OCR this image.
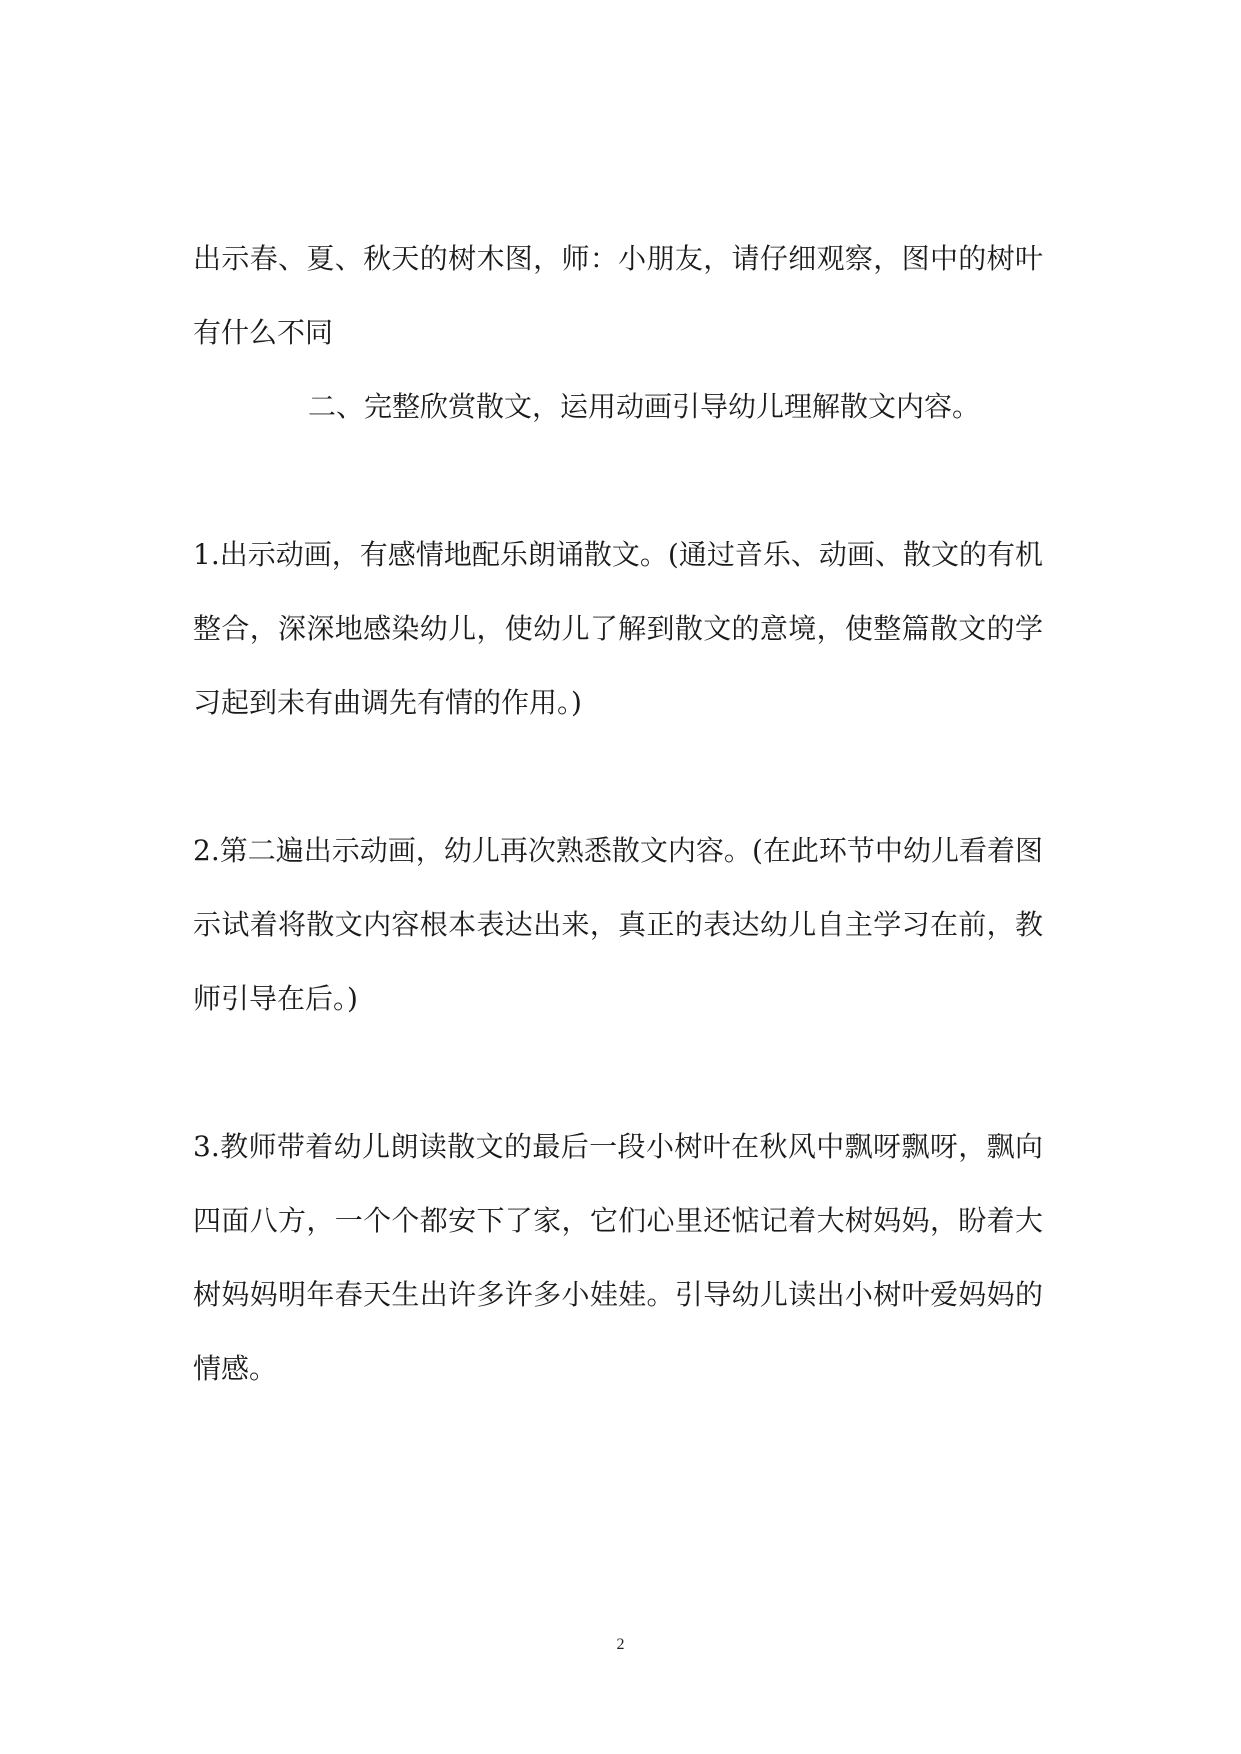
出示春、夏、秋天的树木图，师：小朋友，请仔细观察，图中的树叶有什么不同

二、完整欣赏散文，运用动画引导幼儿理解散文内容。

1.出示动画，有感情地配乐朗诵散文。(通过音乐、动画、散文的有机整合，深深地感染幼儿，使幼儿了解到散文的意境，使整篇散文的学习起到未有曲调先有情的作用。)

2.第二遍出示动画，幼儿再次熟悉散文内容。(在此环节中幼儿看着图示试着将散文内容根本表达出来，真正的表达幼儿自主学习在前，教师引导在后。)

3.教师带着幼儿朗读散文的最后一段小树叶在秋风中飘呀飘呀，飘向四面八方，一个个都安下了家，它们心里还惦记着大树妈妈，盼着大树妈妈明年春天生出许多许多小娃娃。引导幼儿读出小树叶爱妈妈的情感。

2
